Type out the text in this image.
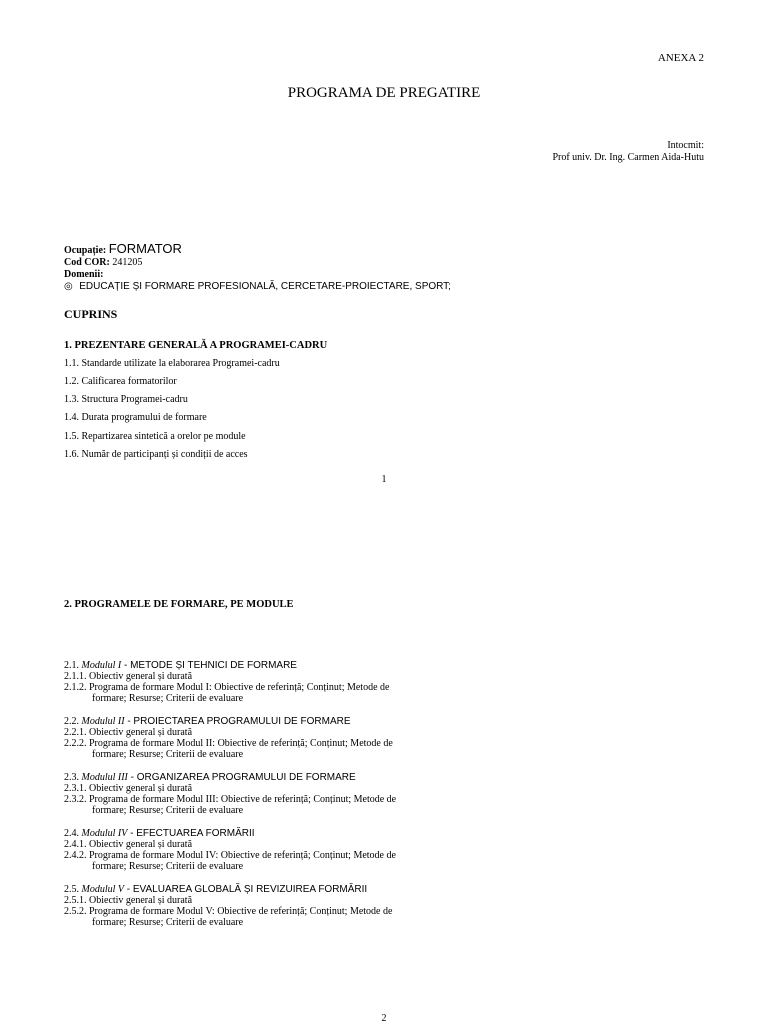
ANEXA 2
PROGRAMA DE PREGATIRE
Intocmit:
Prof univ. Dr. Ing. Carmen Aida-Hutu
Ocupație: FORMATOR
Cod COR: 241205
Domenii:
◎ EDUCAȚIE ȘI FORMARE PROFESIONALĂ, CERCETARE-PROIECTARE, SPORT;
CUPRINS
1. PREZENTARE GENERALĂ A PROGRAMEI-CADRU
1.1. Standarde utilizate la elaborarea Programei-cadru
1.2. Calificarea formatorilor
1.3. Structura Programei-cadru
1.4. Durata programului de formare
1.5. Repartizarea sintetică a orelor pe module
1.6. Număr de participanți și condiții de acces
1
2. PROGRAMELE DE FORMARE, PE MODULE
2.1. Modulul I - METODE ȘI TEHNICI DE FORMARE
2.1.1. Obiectiv general și durată
2.1.2. Programa de formare Modul I: Obiective de referință; Conținut; Metode de
formare; Resurse; Criterii de evaluare
2.2. Modulul II - PROIECTAREA PROGRAMULUI DE FORMARE
2.2.1. Obiectiv general și durată
2.2.2. Programa de formare Modul II: Obiective de referință; Conținut; Metode de
formare; Resurse; Criterii de evaluare
2.3. Modulul III - ORGANIZAREA PROGRAMULUI DE FORMARE
2.3.1. Obiectiv general și durată
2.3.2. Programa de formare Modul III: Obiective de referință; Conținut; Metode de
formare; Resurse; Criterii de evaluare
2.4. Modulul IV - EFECTUAREA FORMĂRII
2.4.1. Obiectiv general și durată
2.4.2. Programa de formare Modul IV: Obiective de referință; Conținut; Metode de
formare; Resurse; Criterii de evaluare
2.5. Modulul V - EVALUAREA GLOBALĂ ȘI REVIZUIREA FORMĂRII
2.5.1. Obiectiv general și durată
2.5.2. Programa de formare Modul V: Obiective de referință; Conținut; Metode de
formare; Resurse; Criterii de evaluare
2
